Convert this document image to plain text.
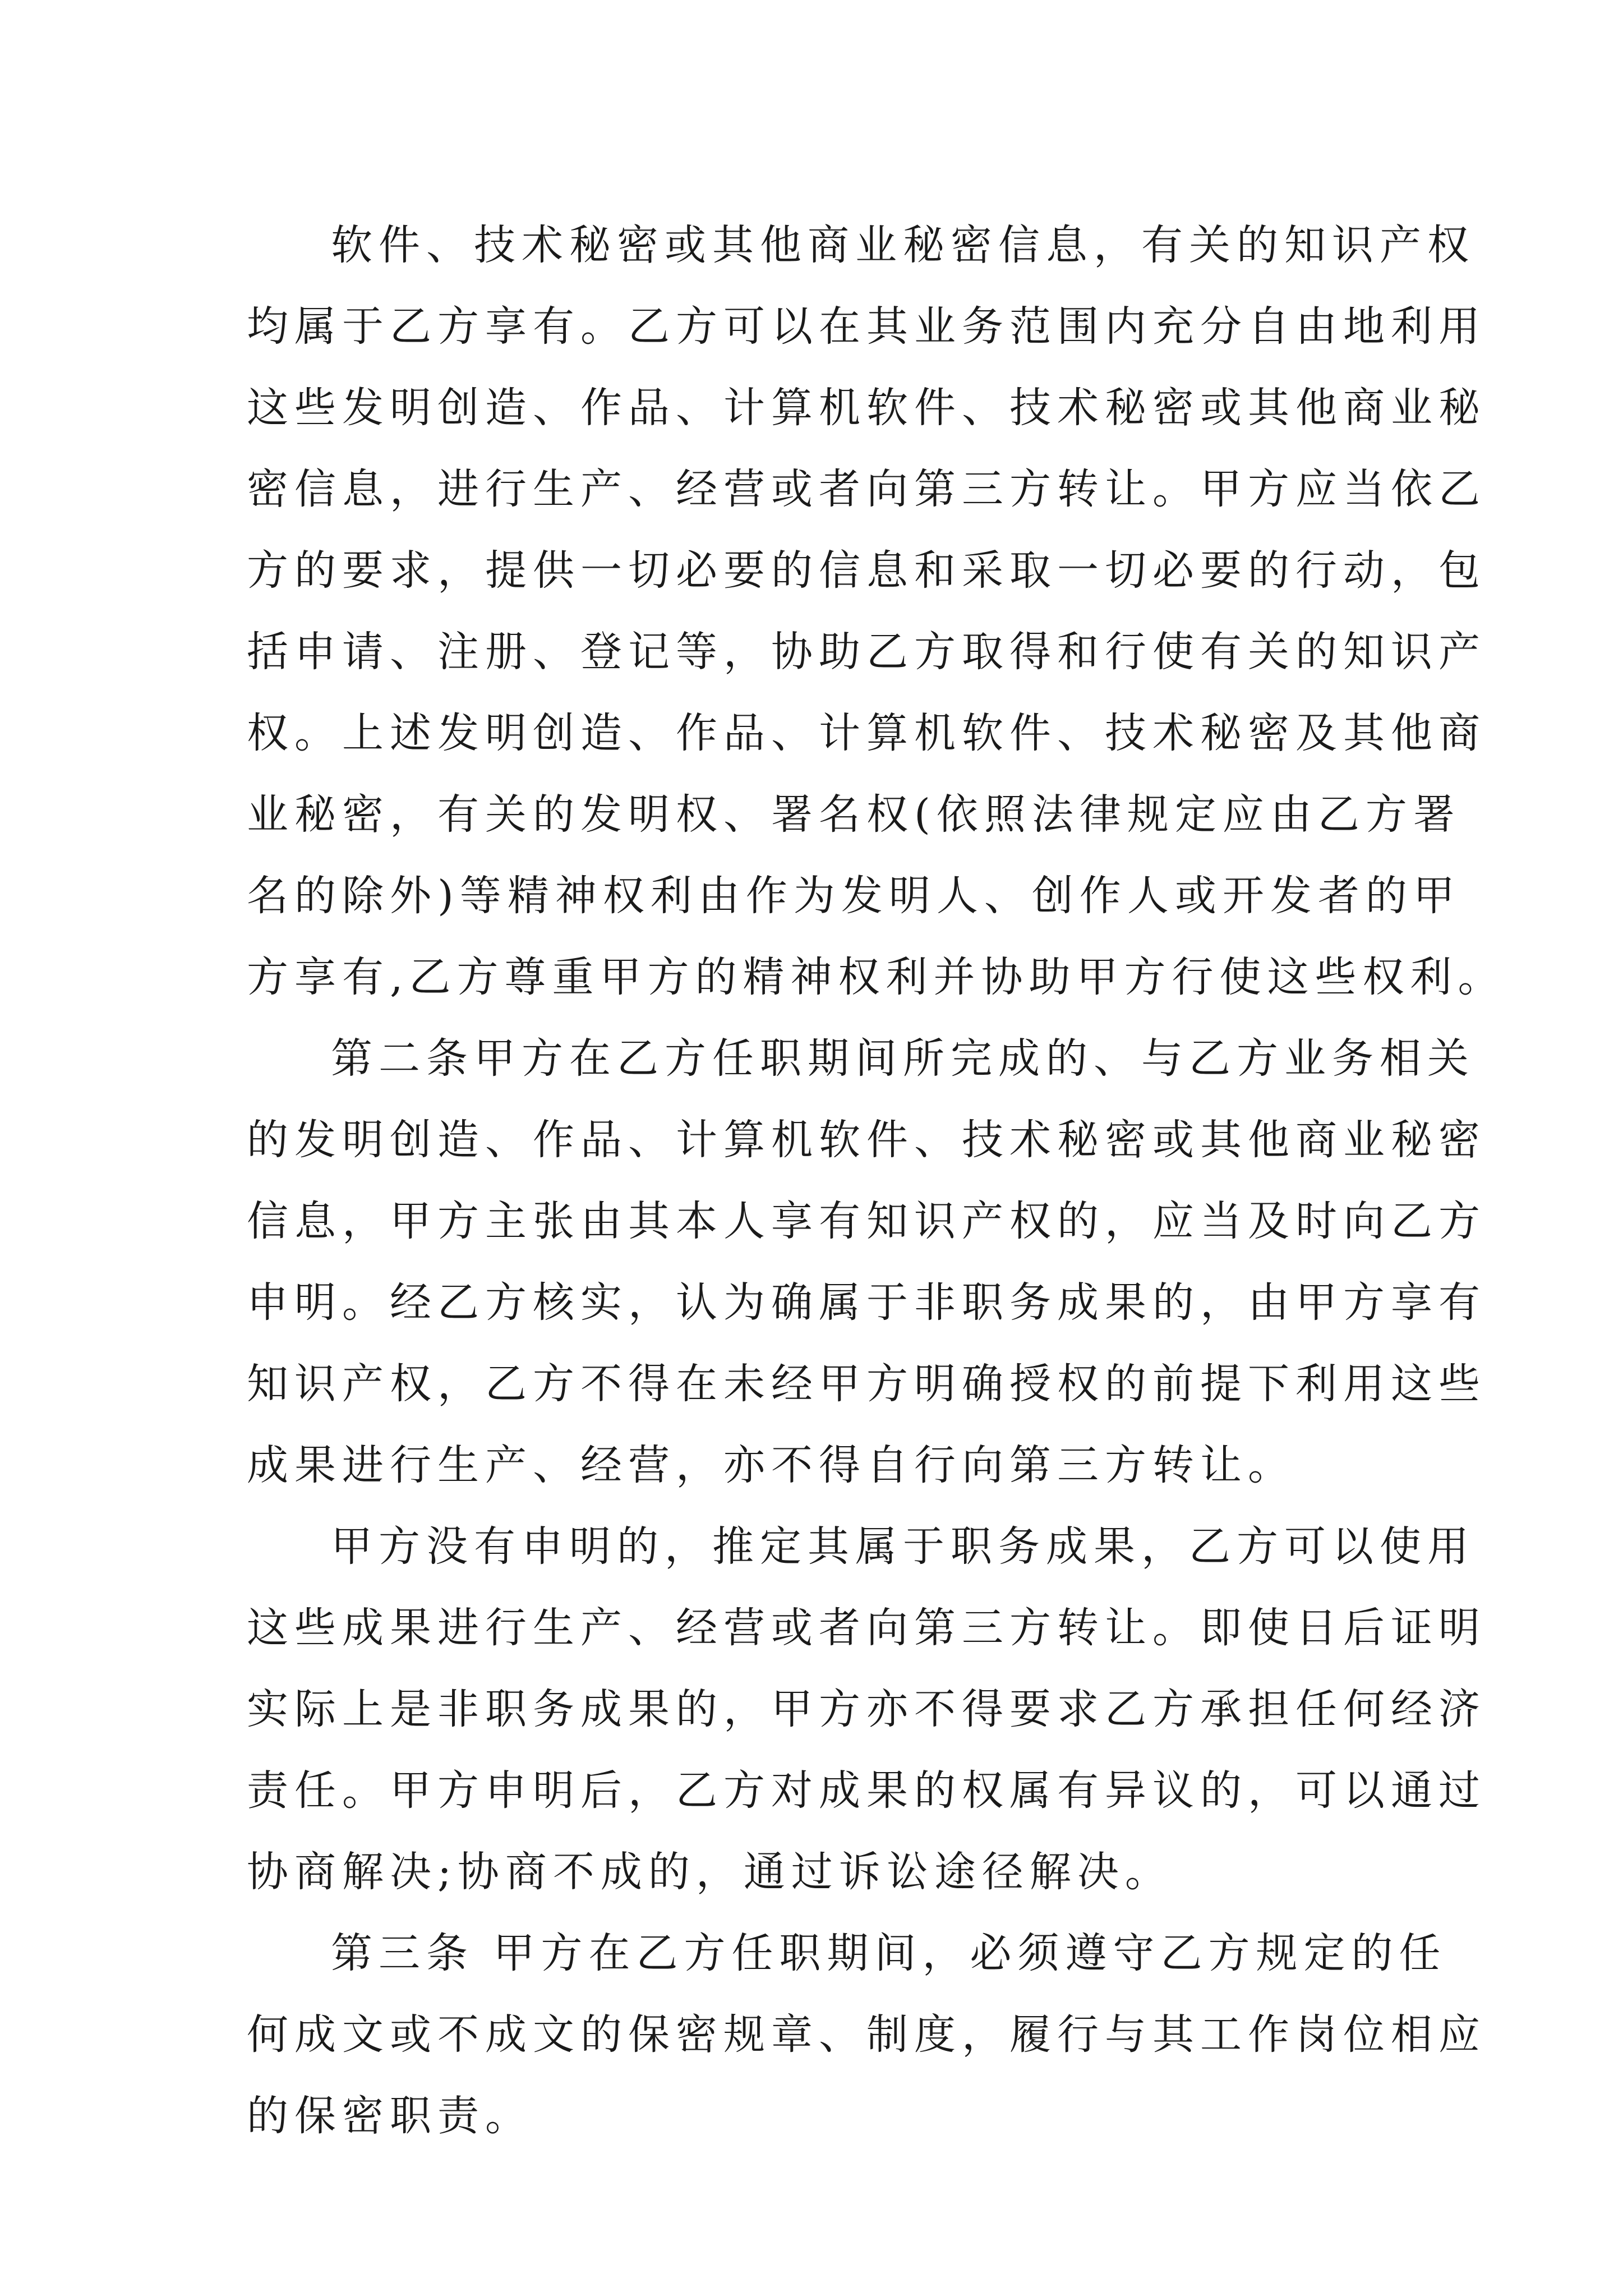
软件、技术秘密或其他商业秘密信息，有关的知识产权
均属于乙方享有。乙方可以在其业务范围内充分自由地利用
这些发明创造、作品、计算机软件、技术秘密或其他商业秘
密信息，进行生产、经营或者向第三方转让。甲方应当依乙
方的要求，提供一切必要的信息和采取一切必要的行动，包
括申请、注册、登记等，协助乙方取得和行使有关的知识产
权。上述发明创造、作品、计算机软件、技术秘密及其他商
业秘密，有关的发明权、署名权(依照法律规定应由乙方署
名的除外)等精神权利由作为发明人、创作人或开发者的甲
方享有,乙方尊重甲方的精神权利并协助甲方行使这些权利。
第二条甲方在乙方任职期间所完成的、与乙方业务相关
的发明创造、作品、计算机软件、技术秘密或其他商业秘密
信息，甲方主张由其本人享有知识产权的，应当及时向乙方
申明。经乙方核实，认为确属于非职务成果的，由甲方享有
知识产权，乙方不得在未经甲方明确授权的前提下利用这些
成果进行生产、经营，亦不得自行向第三方转让。
甲方没有申明的，推定其属于职务成果，乙方可以使用
这些成果进行生产、经营或者向第三方转让。即使日后证明
实际上是非职务成果的，甲方亦不得要求乙方承担任何经济
责任。甲方申明后，乙方对成果的权属有异议的，可以通过
协商解决;协商不成的，通过诉讼途径解决。
第三条 甲方在乙方任职期间，必须遵守乙方规定的任
何成文或不成文的保密规章、制度，履行与其工作岗位相应
的保密职责。
